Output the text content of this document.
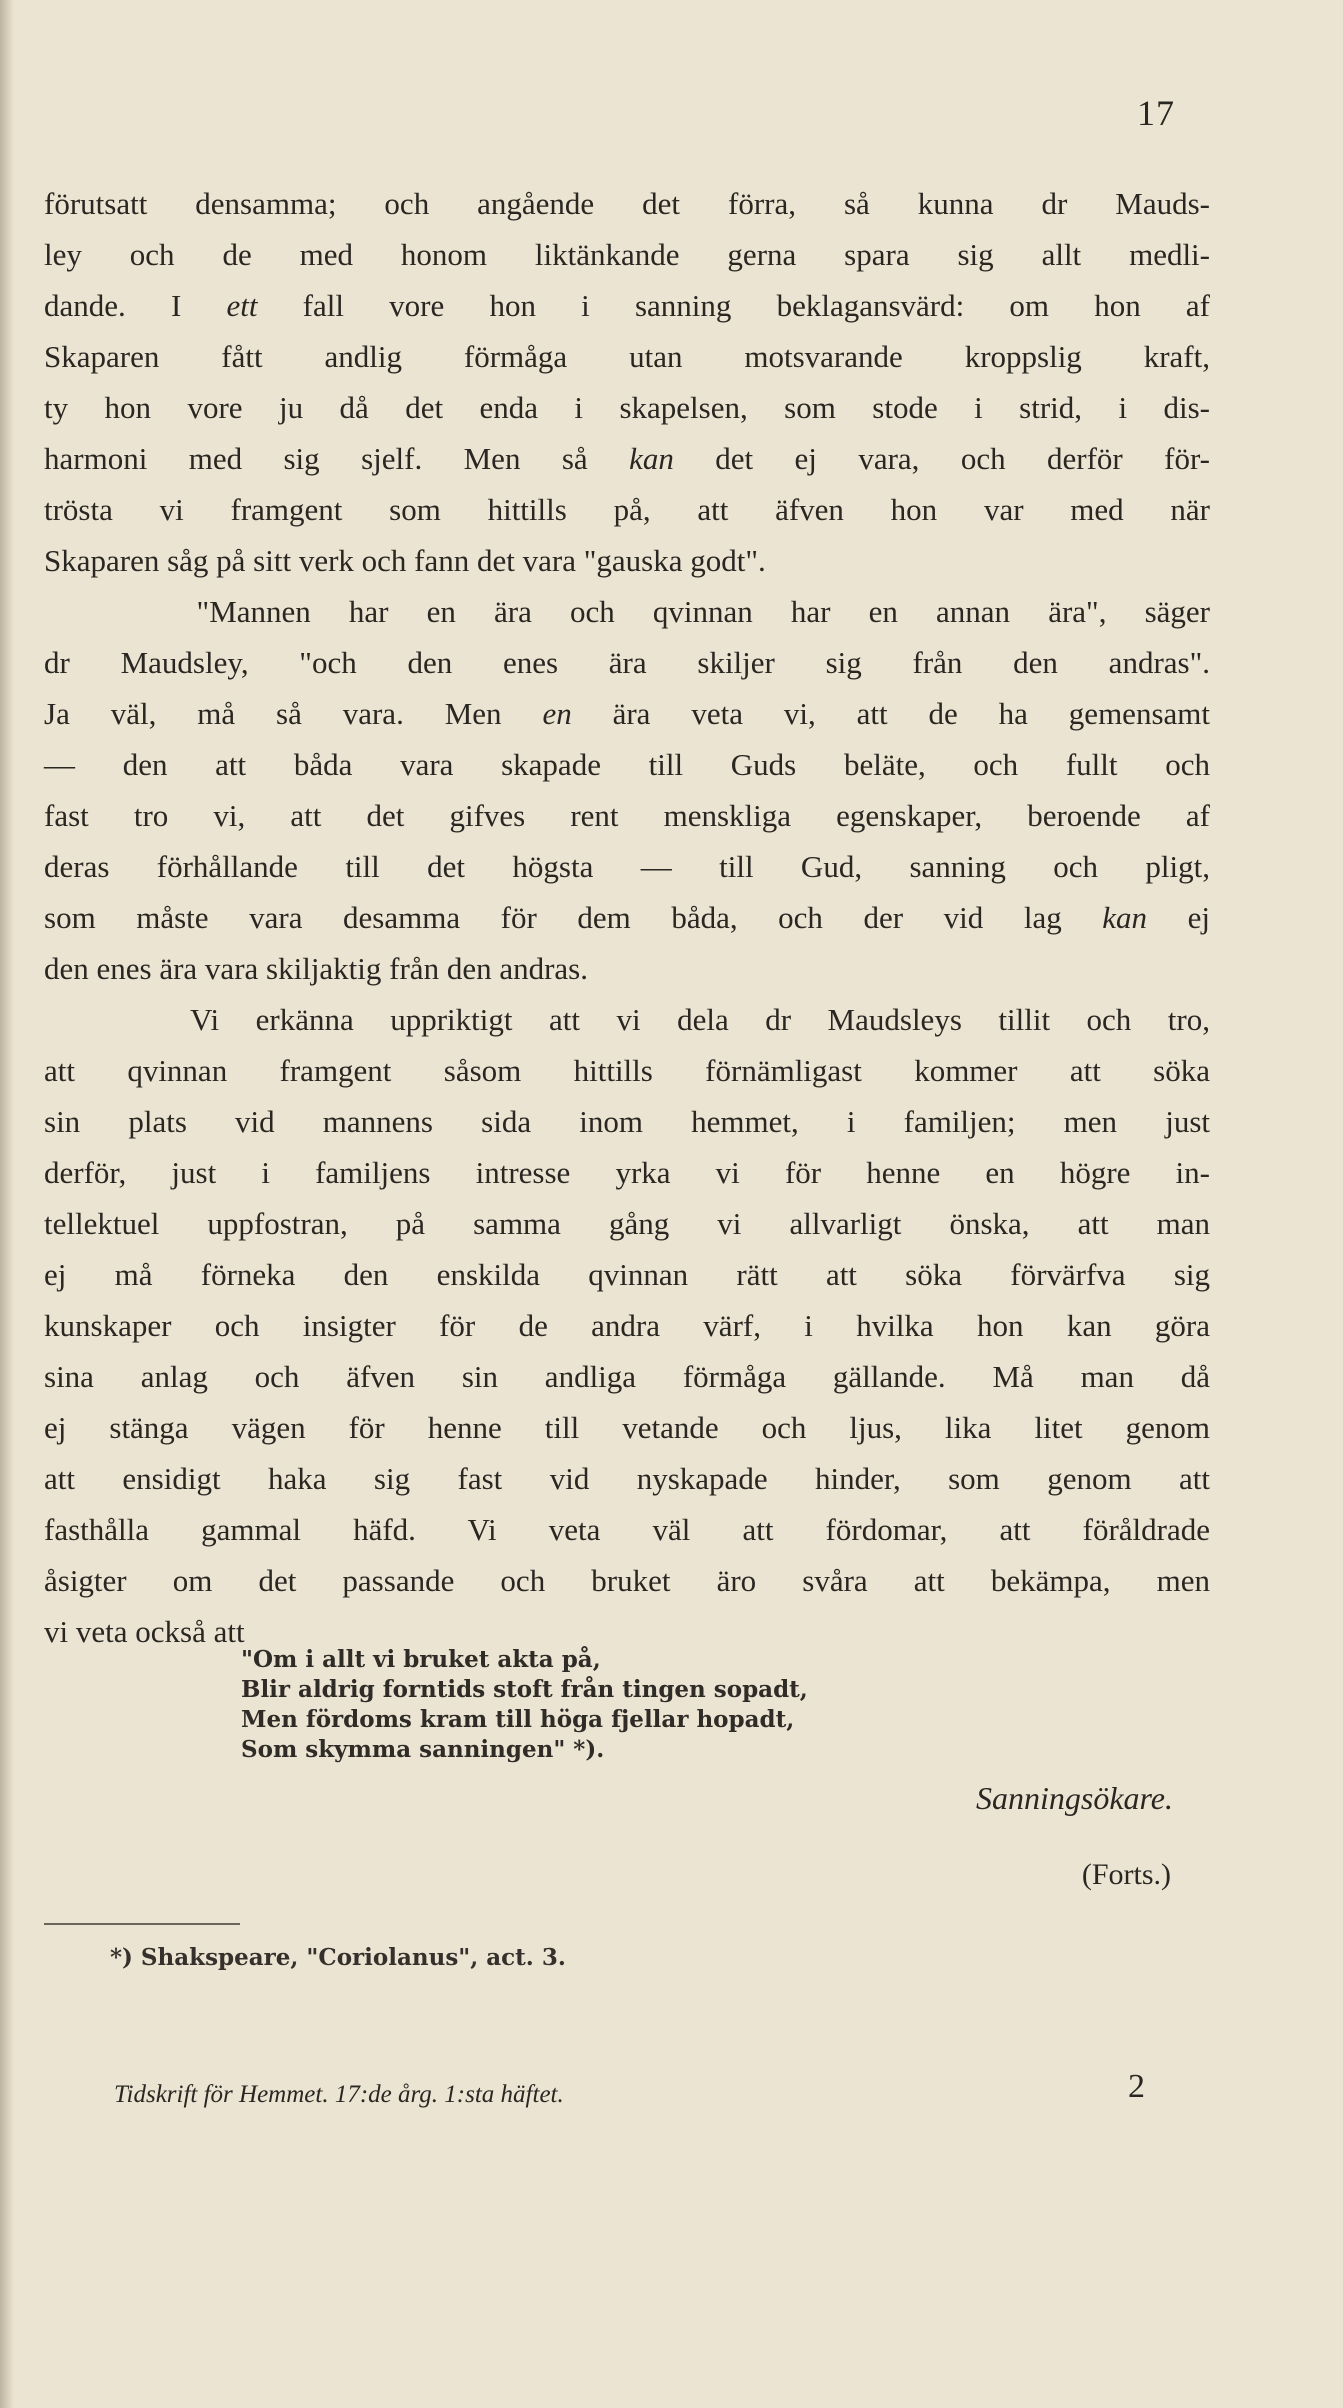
17
förutsatt densamma; och angående det förra, så kunna dr Mauds-
ley och de med honom liktänkande gerna spara sig allt medli-
dande. I ett fall vore hon i sanning beklagansvärd: om hon af
Skaparen fått andlig förmåga utan motsvarande kroppslig kraft,
ty hon vore ju då det enda i skapelsen, som stode i strid, i dis-
harmoni med sig sjelf. Men så kan det ej vara, och derför för-
trösta vi framgent som hittills på, att äfven hon var med när
Skaparen såg på sitt verk och fann det vara "gauska godt".
"Mannen har en ära och qvinnan har en annan ära", säger
dr Maudsley, "och den enes ära skiljer sig från den andras".
Ja väl, må så vara. Men en ära veta vi, att de ha gemensamt
— den att båda vara skapade till Guds beläte, och fullt och
fast tro vi, att det gifves rent menskliga egenskaper, beroende af
deras förhållande till det högsta — till Gud, sanning och pligt,
som måste vara desamma för dem båda, och der vid lag kan ej
den enes ära vara skiljaktig från den andras.
Vi erkänna uppriktigt att vi dela dr Maudsleys tillit och tro,
att qvinnan framgent såsom hittills förnämligast kommer att söka
sin plats vid mannens sida inom hemmet, i familjen; men just
derför, just i familjens intresse yrka vi för henne en högre in-
tellektuel uppfostran, på samma gång vi allvarligt önska, att man
ej må förneka den enskilda qvinnan rätt att söka förvärfva sig
kunskaper och insigter för de andra värf, i hvilka hon kan göra
sina anlag och äfven sin andliga förmåga gällande. Må man då
ej stänga vägen för henne till vetande och ljus, lika litet genom
att ensidigt haka sig fast vid nyskapade hinder, som genom att
fasthålla gammal häfd. Vi veta väl att fördomar, att föråldrade
åsigter om det passande och bruket äro svåra att bekämpa, men
vi veta också att
"Om i allt vi bruket akta på,
Blir aldrig forntids stoft från tingen sopadt,
Men fördoms kram till höga fjellar hopadt,
Som skymma sanningen" *).
Sanningsökare.
(Forts.)
*) Shakspeare, "Coriolanus", act. 3.
Tidskrift för Hemmet. 17:de årg. 1:sta häftet.	2
